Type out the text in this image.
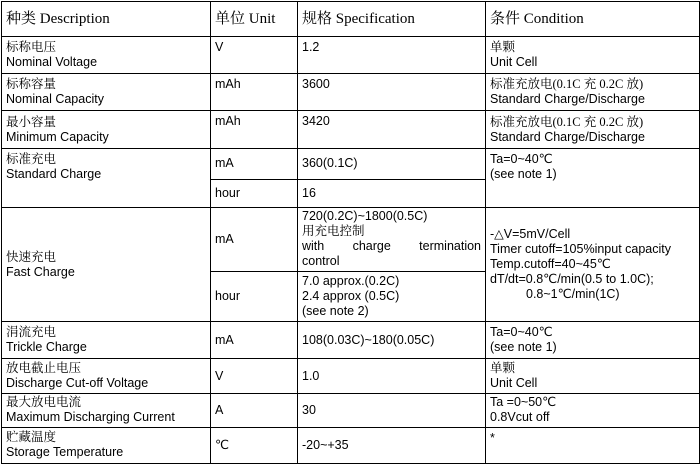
种类 Description	单位 Unit	规格 Specification	条件 Condition

标称电压
Nominal Voltage	V	1.2	单颗
Unit Cell

标称容量
Nominal Capacity	mAh	3600	标准充放电(0.1C 充 0.2C 放)
Standard Charge/Discharge

最小容量
Minimum Capacity	mAh	3420	标准充放电(0.1C 充 0.2C 放)
Standard Charge/Discharge

标准充电
Standard Charge	mA	360(0.1C)	Ta=0~40℃
(see note 1)

	hour	16	

快速充电
Fast Charge	mA	720(0.2C)~1800(0.5C)
用充电控制
with charge termination
control	-△V=5mV/Cell
Timer cutoff=105%input capacity
Temp.cutoff=40~45℃
dT/dt=0.8℃/min(0.5 to 1.0C);
0.8~1℃/min(1C)

	hour	7.0 approx.(0.2C)
2.4 approx (0.5C)
(see note 2)	

涓流充电
Trickle Charge	mA	108(0.03C)~180(0.05C)	Ta=0~40℃
(see note 1)

放电截止电压
Discharge Cut-off Voltage	V	1.0	单颗
Unit Cell

最大放电电流
Maximum Discharging Current	A	30	Ta =0~50℃
0.8Vcut off

贮藏温度
Storage Temperature	℃	-20~+35	*
